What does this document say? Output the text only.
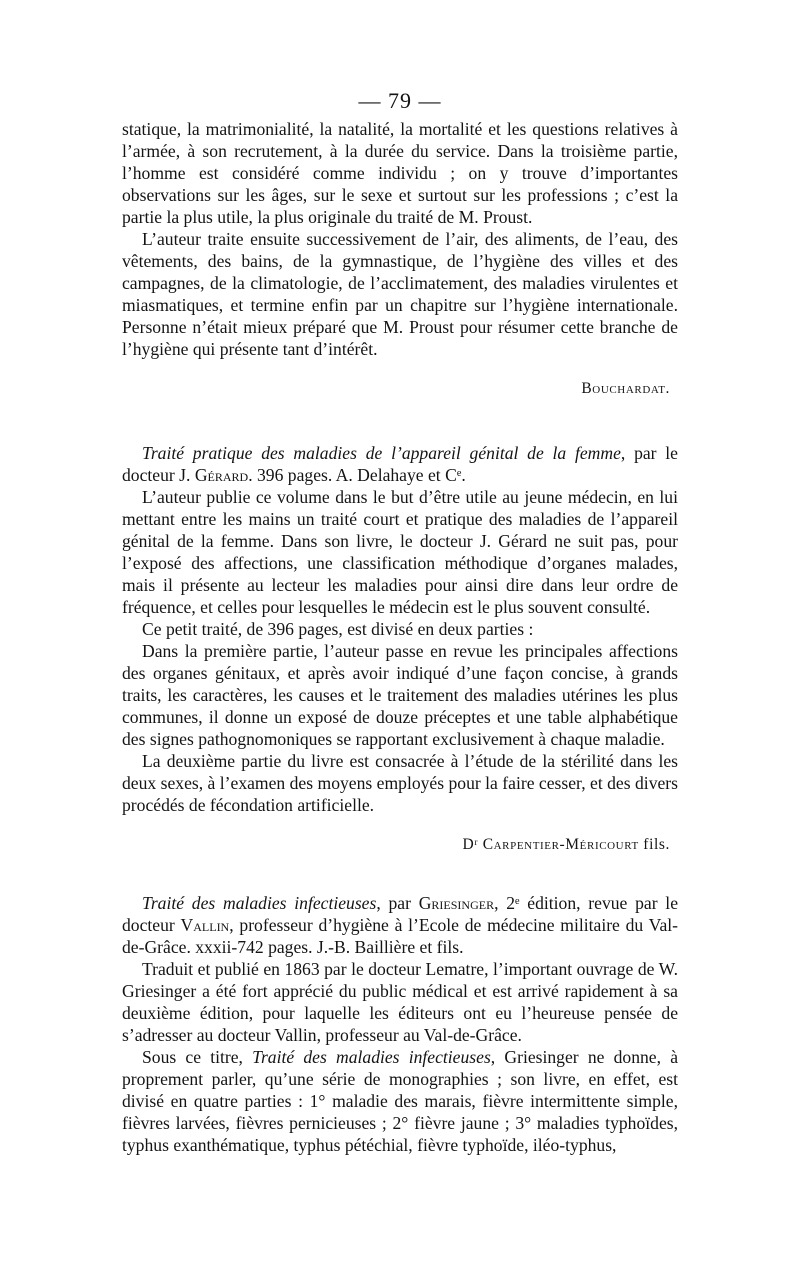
— 79 —

statique, la matrimonialité, la natalité, la mortalité et les questions relatives à l’armée, à son recrutement, à la durée du service. Dans la troisième partie, l’homme est considéré comme individu ; on y trouve d’importantes observations sur les âges, sur le sexe et surtout sur les professions ; c’est la partie la plus utile, la plus originale du traité de M. Proust.

L’auteur traite ensuite successivement de l’air, des aliments, de l’eau, des vêtements, des bains, de la gymnastique, de l’hygiène des villes et des campagnes, de la climatologie, de l’acclimatement, des maladies virulentes et miasmatiques, et termine enfin par un chapitre sur l’hygiène internationale. Personne n’était mieux préparé que M. Proust pour résumer cette branche de l’hygiène qui présente tant d’intérêt.

Bouchardat.

Traité pratique des maladies de l’appareil génital de la femme, par le docteur J. Gérard. 396 pages. A. Delahaye et Cᵉ.

L’auteur publie ce volume dans le but d’être utile au jeune médecin, en lui mettant entre les mains un traité court et pratique des maladies de l’appareil génital de la femme. Dans son livre, le docteur J. Gérard ne suit pas, pour l’exposé des affections, une classification méthodique d’organes malades, mais il présente au lecteur les maladies pour ainsi dire dans leur ordre de fréquence, et celles pour lesquelles le médecin est le plus souvent consulté.

Ce petit traité, de 396 pages, est divisé en deux parties :

Dans la première partie, l’auteur passe en revue les principales affections des organes génitaux, et après avoir indiqué d’une façon concise, à grands traits, les caractères, les causes et le traitement des maladies utérines les plus communes, il donne un exposé de douze préceptes et une table alphabétique des signes pathognomoniques se rapportant exclusivement à chaque maladie.

La deuxième partie du livre est consacrée à l’étude de la stérilité dans les deux sexes, à l’examen des moyens employés pour la faire cesser, et des divers procédés de fécondation artificielle.

Dʳ Carpentier-Méricourt fils.

Traité des maladies infectieuses, par Griesinger, 2ᵉ édition, revue par le docteur Vallin, professeur d’hygiène à l’Ecole de médecine militaire du Val-de-Grâce. xxxii-742 pages. J.-B. Baillière et fils.

Traduit et publié en 1863 par le docteur Lematre, l’important ouvrage de W. Griesinger a été fort apprécié du public médical et est arrivé rapidement à sa deuxième édition, pour laquelle les éditeurs ont eu l’heureuse pensée de s’adresser au docteur Vallin, professeur au Val-de-Grâce.

Sous ce titre, Traité des maladies infectieuses, Griesinger ne donne, à proprement parler, qu’une série de monographies ; son livre, en effet, est divisé en quatre parties : 1° maladie des marais, fièvre intermittente simple, fièvres larvées, fièvres pernicieuses ; 2° fièvre jaune ; 3° maladies typhoïdes, typhus exanthématique, typhus pétéchial, fièvre typhoïde, iléo-typhus,
